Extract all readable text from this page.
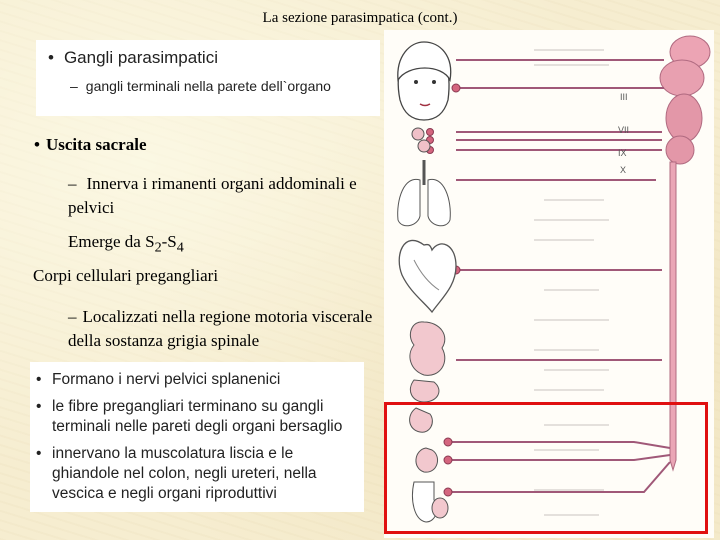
La sezione parasimpatica (cont.)
• Gangli parasimpatici
– gangli terminali nella parete dell`organo
• Uscita sacrale
– Innerva i rimanenti organi addominali e pelvici
Emerge da $S_2-S_4$
Corpi cellulari pregangliari
– Localizzati nella regione motoria viscerale della sostanza grigia spinale
• Formano i nervi pelvici splanenici
• le fibre pregangliari terminano su gangli terminali nelle pareti degli organi bersaglio
• innervano la muscolatura liscia e le ghiandole nel colon, negli ureteri, nella vescica e negli organi riproduttivi
III
VII
IX
X
